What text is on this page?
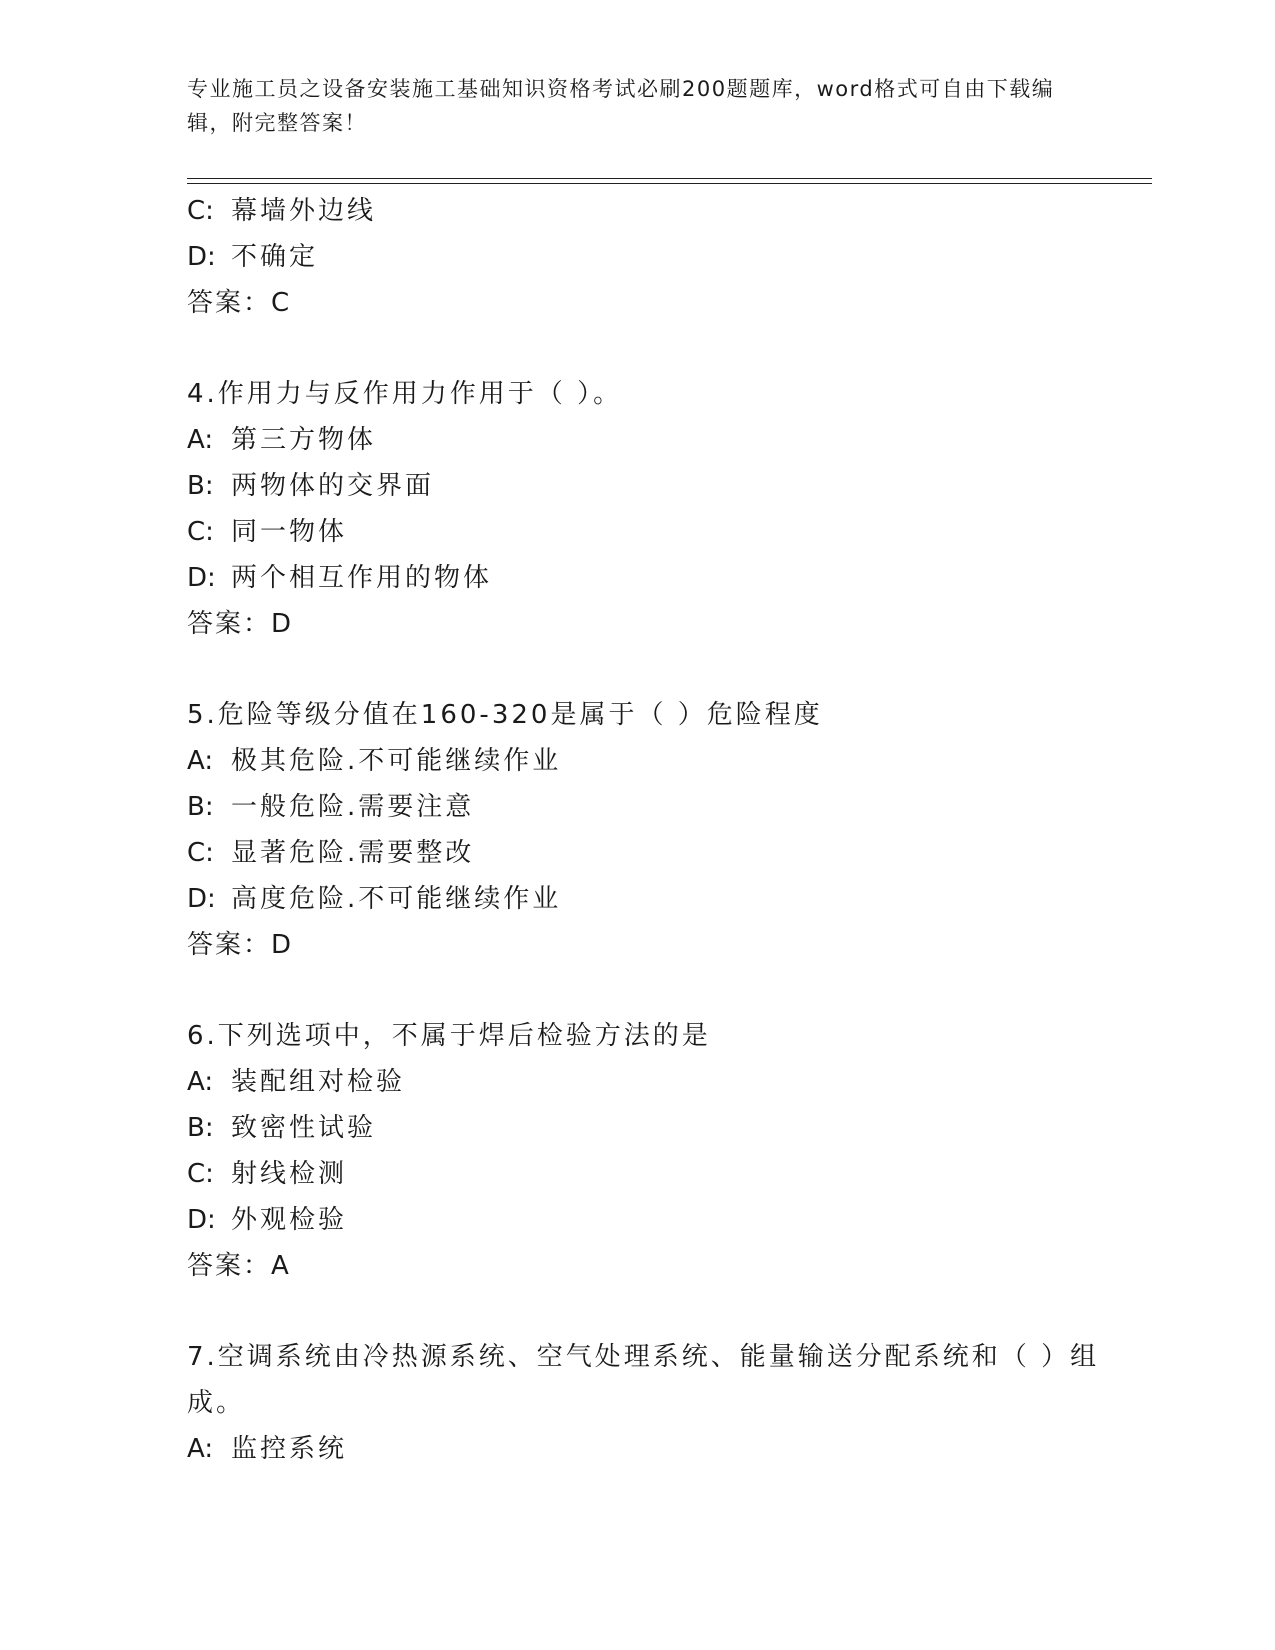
专业施工员之设备安装施工基础知识资格考试必刷200题题库，word格式可自由下载编辑，附完整答案！
C: 幕墙外边线
D: 不确定
答案：C
4.作用力与反作用力作用于（ ）。
A: 第三方物体
B: 两物体的交界面
C: 同一物体
D: 两个相互作用的物体
答案：D
5.危险等级分值在160-320是属于（ ）危险程度
A: 极其危险.不可能继续作业
B: 一般危险.需要注意
C: 显著危险.需要整改
D: 高度危险.不可能继续作业
答案：D
6.下列选项中，不属于焊后检验方法的是
A: 装配组对检验
B: 致密性试验
C: 射线检测
D: 外观检验
答案：A
7.空调系统由冷热源系统、空气处理系统、能量输送分配系统和（ ）组成。
A: 监控系统
